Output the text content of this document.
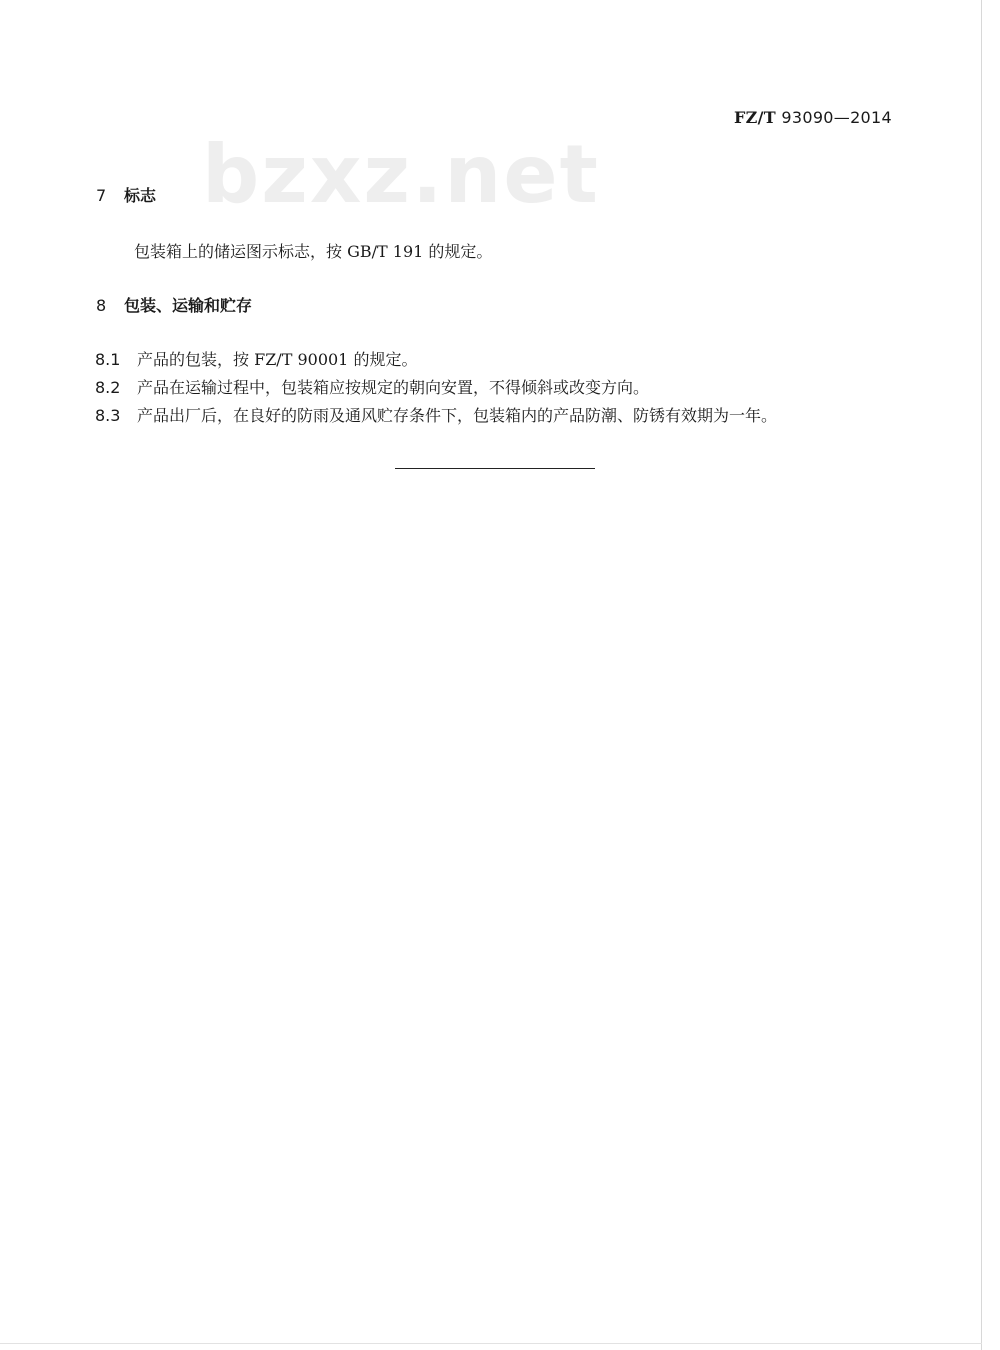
FZ/T 93090—2014
bzxz.net
7 标志
包装箱上的储运图示标志，按 GB/T 191 的规定。
8 包装、运输和贮存
8.1 产品的包装，按 FZ/T 90001 的规定。
8.2 产品在运输过程中，包装箱应按规定的朝向安置，不得倾斜或改变方向。
8.3 产品出厂后，在良好的防雨及通风贮存条件下，包装箱内的产品防潮、防锈有效期为一年。
